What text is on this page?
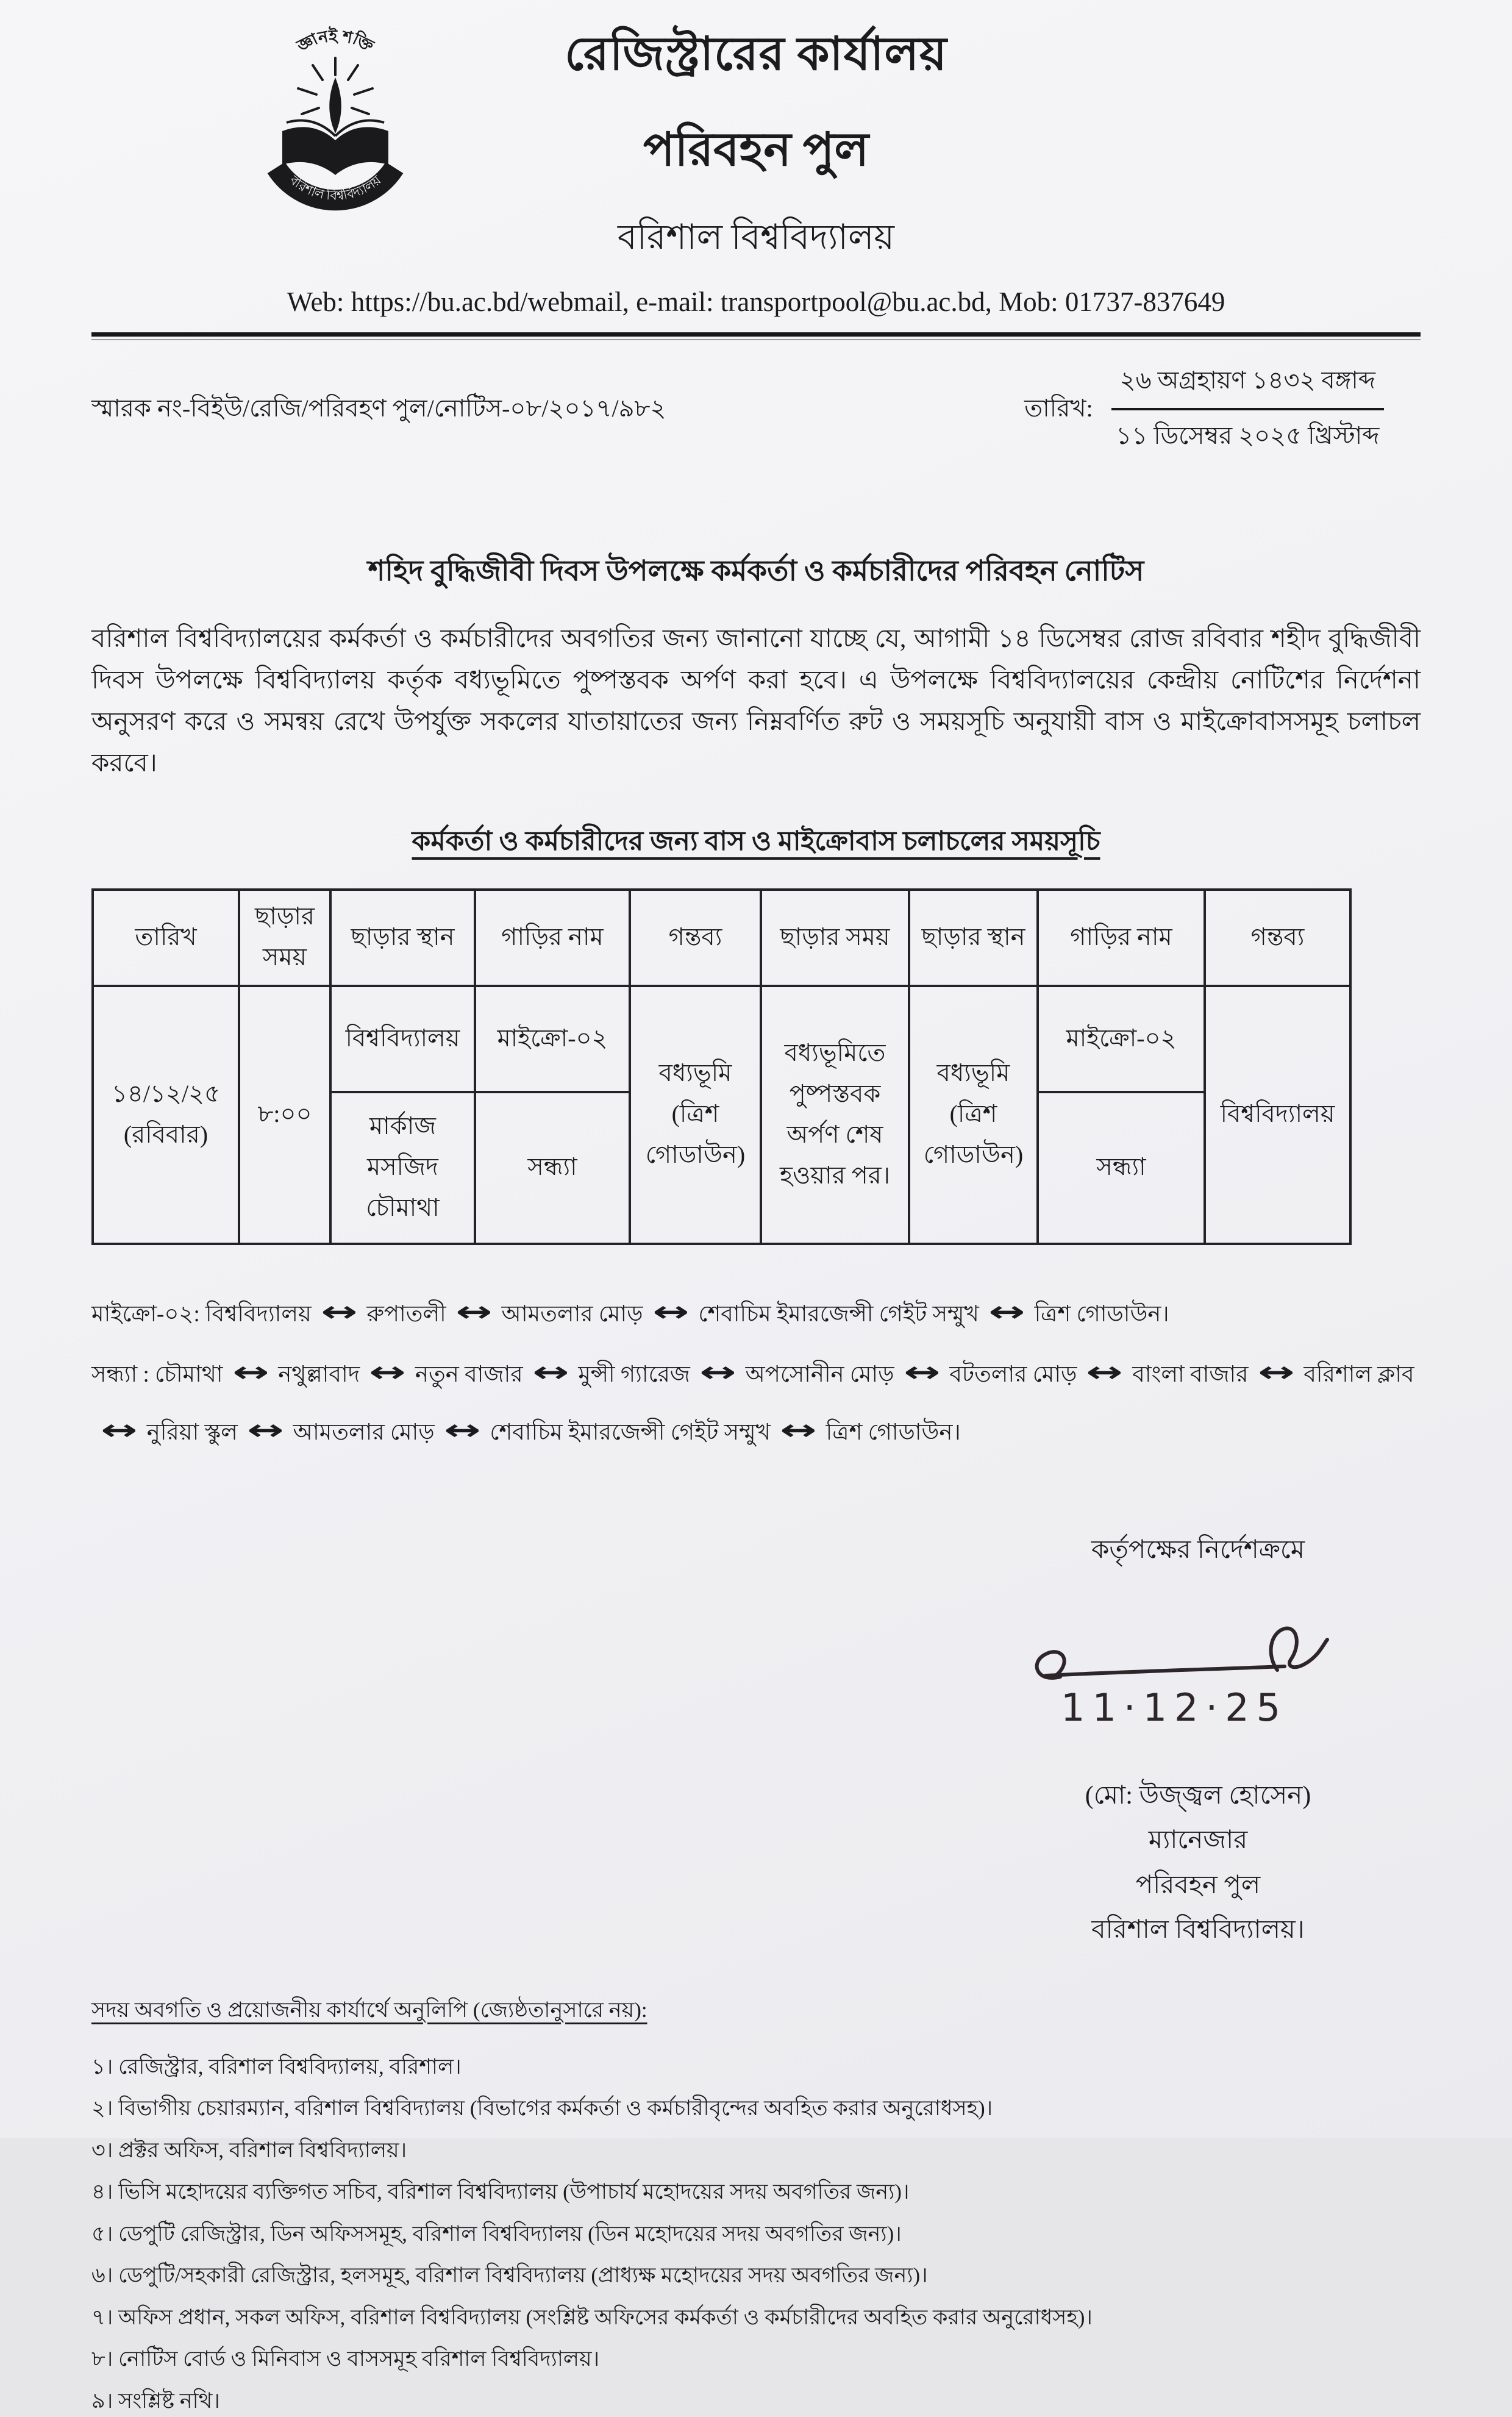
জ্ঞানই শক্তি
বরিশাল বিশ্ববিদ্যালয়
রেজিস্ট্রারের কার্যালয়
পরিবহন পুল
বরিশাল বিশ্ববিদ্যালয়
Web: https://bu.ac.bd/webmail, e-mail: transportpool@bu.ac.bd, Mob: 01737-837649
স্মারক নং-বিইউ/রেজি/পরিবহণ পুল/নোটিস-০৮/২০১৭/৯৮২	তারিখ:
২৬ অগ্রহায়ণ ১৪৩২ বঙ্গাব্দ
১১ ডিসেম্বর ২০২৫ খ্রিস্টাব্দ
শহিদ বুদ্ধিজীবী দিবস উপলক্ষে কর্মকর্তা ও কর্মচারীদের পরিবহন নোটিস

বরিশাল বিশ্ববিদ্যালয়ের কর্মকর্তা ও কর্মচারীদের অবগতির জন্য জানানো যাচ্ছে যে, আগামী ১৪ ডিসেম্বর রোজ রবিবার শহীদ বুদ্ধিজীবী দিবস উপলক্ষে বিশ্ববিদ্যালয় কর্তৃক বধ্যভূমিতে পুষ্পস্তবক অর্পণ করা হবে। এ উপলক্ষে বিশ্ববিদ্যালয়ের কেন্দ্রীয় নোটিশের নির্দেশনা অনুসরণ করে ও সমন্বয় রেখে উপর্যুক্ত সকলের যাতায়াতের জন্য নিম্নবর্ণিত রুট ও সময়সূচি অনুযায়ী বাস ও মাইক্রোবাসসমূহ চলাচল করবে।

কর্মকর্তা ও কর্মচারীদের জন্য বাস ও মাইক্রোবাস চলাচলের সময়সূচি
তারিখ	ছাড়ার সময়	ছাড়ার স্থান	গাড়ির নাম	গন্তব্য	ছাড়ার সময়	ছাড়ার স্থান	গাড়ির নাম	গন্তব্য

১৪/১২/২৫
(রবিবার)	৮:০০	বিশ্ববিদ্যালয়	মাইক্রো-০২	বধ্যভূমি (ত্রিশ গোডাউন)	বধ্যভূমিতে পুষ্পস্তবক অর্পণ শেষ হওয়ার পর।	বধ্যভূমি (ত্রিশ গোডাউন)	মাইক্রো-০২	বিশ্ববিদ্যালয়
		মার্কাজ মসজিদ চৌমাথা	সন্ধ্যা				সন্ধ্যা	
মাইক্রো-০২: বিশ্ববিদ্যালয় ↔ রুপাতলী ↔ আমতলার মোড় ↔ শেবাচিম ইমারজেন্সী গেইট সম্মুখ ↔ ত্রিশ গোডাউন।
সন্ধ্যা : চৌমাথা ↔ নথুল্লাবাদ ↔ নতুন বাজার ↔ মুন্সী গ্যারেজ ↔ অপসোনীন মোড় ↔ বটতলার মোড় ↔ বাংলা বাজার ↔ বরিশাল ক্লাব↔ নুরিয়া স্কুল ↔ আমতলার মোড় ↔ শেবাচিম ইমারজেন্সী গেইট সম্মুখ ↔ ত্রিশ গোডাউন।
কর্তৃপক্ষের নির্দেশক্রমে
11·12·25
(মো: উজ্জ্বল হোসেন)
ম্যানেজার
পরিবহন পুল
বরিশাল বিশ্ববিদ্যালয়।
সদয় অবগতি ও প্রয়োজনীয় কার্যার্থে অনুলিপি (জ্যেষ্ঠতানুসারে নয়):
১। রেজিস্ট্রার, বরিশাল বিশ্ববিদ্যালয়, বরিশাল।
২। বিভাগীয় চেয়ারম্যান, বরিশাল বিশ্ববিদ্যালয় (বিভাগের কর্মকর্তা ও কর্মচারীবৃন্দের অবহিত করার অনুরোধসহ)।
৩। প্রক্টর অফিস, বরিশাল বিশ্ববিদ্যালয়।
৪। ভিসি মহোদয়ের ব্যক্তিগত সচিব, বরিশাল বিশ্ববিদ্যালয় (উপাচার্য মহোদয়ের সদয় অবগতির জন্য)।
৫। ডেপুটি রেজিস্ট্রার, ডিন অফিসসমূহ, বরিশাল বিশ্ববিদ্যালয় (ডিন মহোদয়ের সদয় অবগতির জন্য)।
৬। ডেপুটি/সহকারী রেজিস্ট্রার, হলসমূহ, বরিশাল বিশ্ববিদ্যালয় (প্রাধ্যক্ষ মহোদয়ের সদয় অবগতির জন্য)।
৭। অফিস প্রধান, সকল অফিস, বরিশাল বিশ্ববিদ্যালয় (সংশ্লিষ্ট অফিসের কর্মকর্তা ও কর্মচারীদের অবহিত করার অনুরোধসহ)।
৮। নোটিস বোর্ড ও মিনিবাস ও বাসসমূহ বরিশাল বিশ্ববিদ্যালয়।
৯। সংশ্লিষ্ট নথি।
